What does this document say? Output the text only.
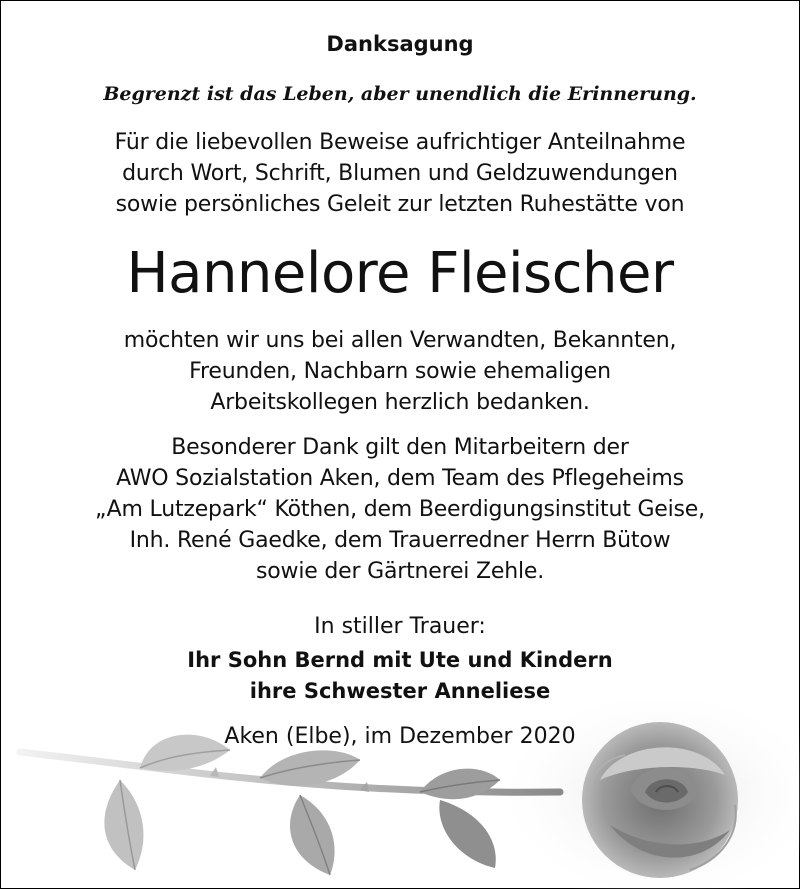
Danksagung
Begrenzt ist das Leben, aber unendlich die Erinnerung.
Für die liebevollen Beweise aufrichtiger Anteilnahme
durch Wort, Schrift, Blumen und Geldzuwendungen
sowie persönliches Geleit zur letzten Ruhestätte von
Hannelore Fleischer
möchten wir uns bei allen Verwandten, Bekannten,
Freunden, Nachbarn sowie ehemaligen
Arbeitskollegen herzlich bedanken.
Besonderer Dank gilt den Mitarbeitern der
AWO Sozialstation Aken, dem Team des Pflegeheims
„Am Lutzepark“ Köthen, dem Beerdigungsinstitut Geise,
Inh. René Gaedke, dem Trauerredner Herrn Bütow
sowie der Gärtnerei Zehle.
In stiller Trauer:
Ihr Sohn Bernd mit Ute und Kindern
ihre Schwester Anneliese
Aken (Elbe), im Dezember 2020
